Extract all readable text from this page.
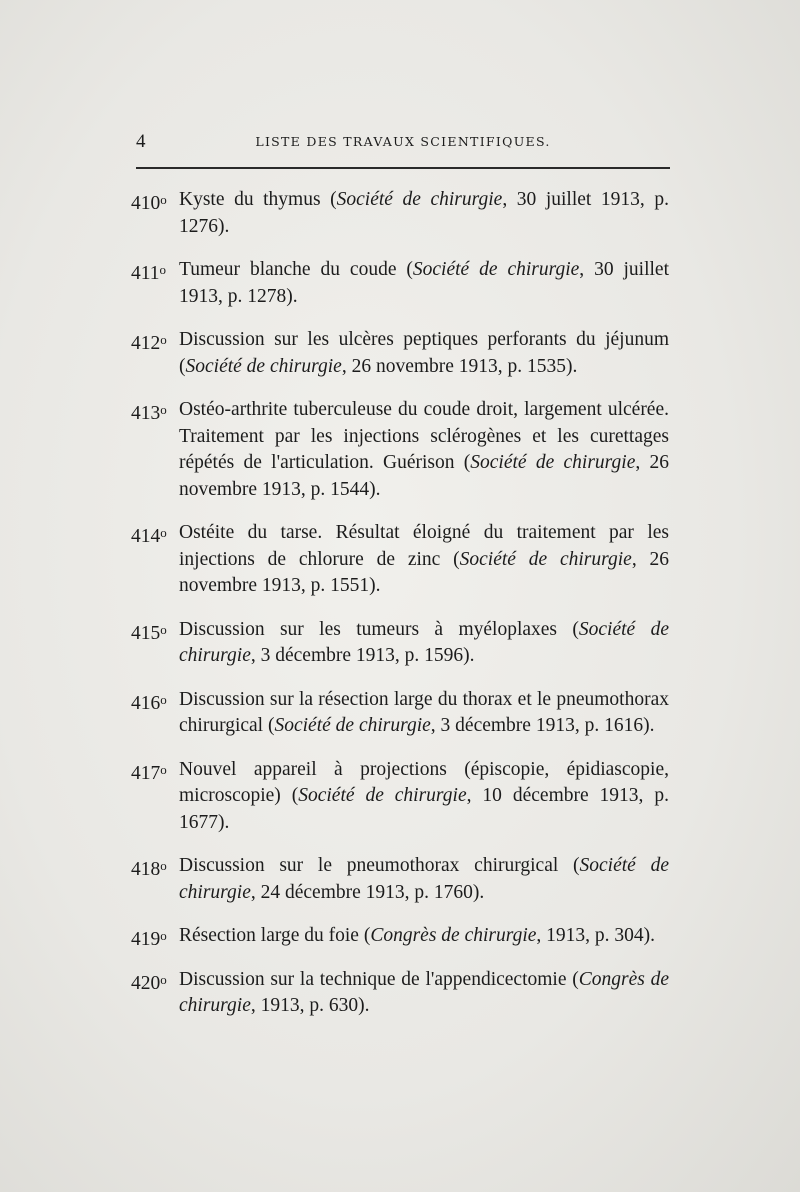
4	LISTE DES TRAVAUX SCIENTIFIQUES.
410$^o$ Kyste du thymus (Société de chirurgie, 30 juillet 1913, p. 1276).
411$^o$ Tumeur blanche du coude (Société de chirurgie, 30 juillet 1913, p. 1278).
412$^o$ Discussion sur les ulcères peptiques perforants du jéjunum (Société de chirurgie, 26 novembre 1913, p. 1535).
413$^o$ Ostéo-arthrite tuberculeuse du coude droit, largement ulcérée. Traitement par les injections sclérogènes et les curettages répétés de l'articulation. Guérison (Société de chirurgie, 26 novembre 1913, p. 1544).
414$^o$ Ostéite du tarse. Résultat éloigné du traitement par les injections de chlorure de zinc (Société de chirurgie, 26 novembre 1913, p. 1551).
415$^o$ Discussion sur les tumeurs à myéloplaxes (Société de chirurgie, 3 décembre 1913, p. 1596).
416$^o$ Discussion sur la résection large du thorax et le pneumothorax chirurgical (Société de chirurgie, 3 décembre 1913, p. 1616).
417$^o$ Nouvel appareil à projections (épiscopie, épidiascopie, microscopie) (Société de chirurgie, 10 décembre 1913, p. 1677).
418$^o$ Discussion sur le pneumothorax chirurgical (Société de chirurgie, 24 décembre 1913, p. 1760).
419$^o$ Résection large du foie (Congrès de chirurgie, 1913, p. 304).
420$^o$ Discussion sur la technique de l'appendicectomie (Congrès de chirurgie, 1913, p. 630).
